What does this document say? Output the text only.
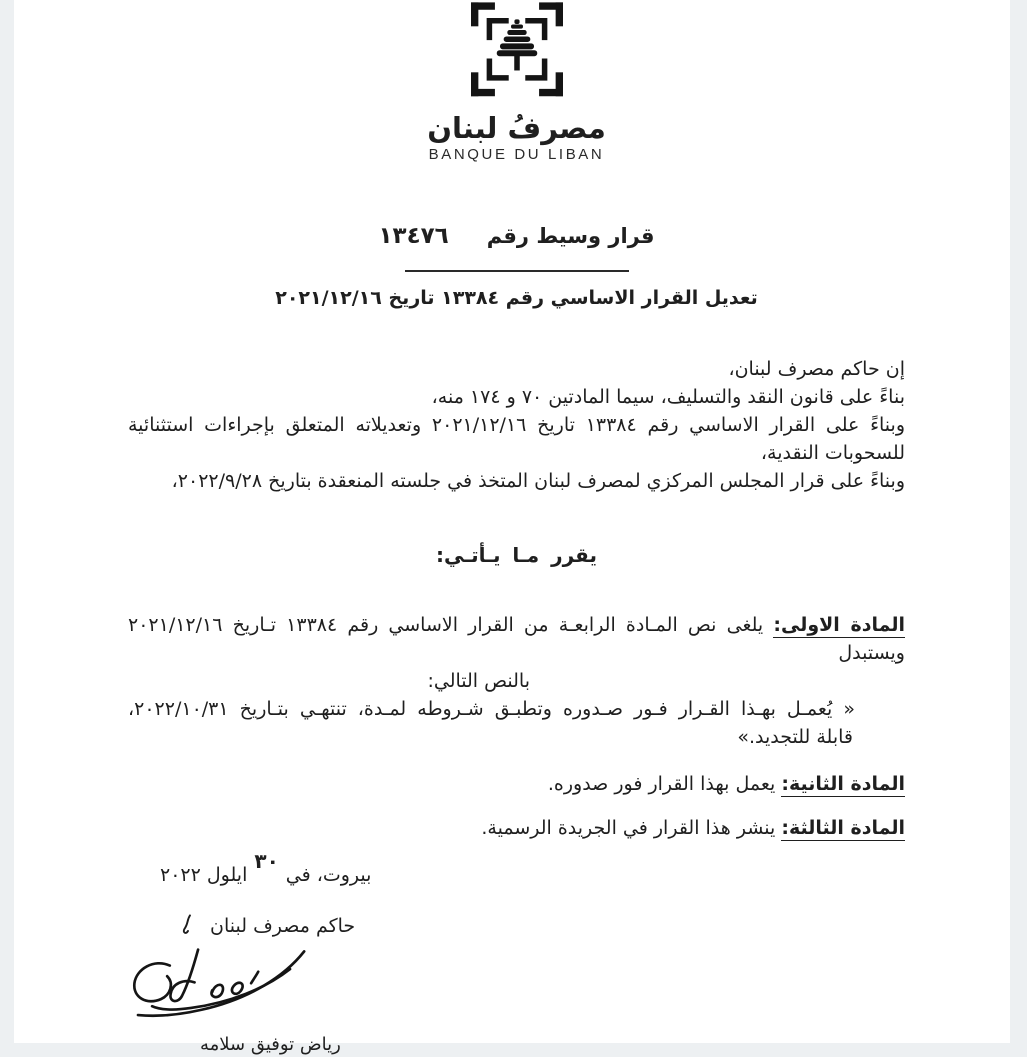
مصرفُ لبنان
BANQUE DU LIBAN
قرار وسيط رقم
١٣٤٧٦
تعديل القرار الاساسي رقم ١٣٣٨٤ تاريخ ٢٠٢١/١٢/١٦
إن حاكم مصرف لبنان،
بناءً على قانون النقد والتسليف، سيما المادتين ٧٠ و ١٧٤ منه،
وبناءً على القرار الاساسي رقم ١٣٣٨٤ تاريخ ٢٠٢١/١٢/١٦ وتعديلاته المتعلق بإجراءات استثنائية
للسحوبات النقدية،
وبناءً على قرار المجلس المركزي لمصرف لبنان المتخذ في جلسته المنعقدة بتاريخ ٢٠٢٢/٩/٢٨،
يقرر مـا يـأتـي:
المادة الاولى: يلغى نص المـادة الرابعـة من القرار الاساسي رقم ١٣٣٨٤ تـاريخ ٢٠٢١/١٢/١٦ ويستبدل
بالنص التالي:
« يُعمـل بهـذا القـرار فـور صـدوره وتطبـق شـروطه لمـدة، تنتهـي بتـاريخ ٢٠٢٢/١٠/٣١،
قابلة للتجديد.»
المادة الثانية: يعمل بهذا القرار فور صدوره.
المادة الثالثة: ينشر هذا القرار في الجريدة الرسمية.
بيروت، في٣٠ايلول ٢٠٢٢
حاكم مصرف لبنان
رياض توفيق سلامه
